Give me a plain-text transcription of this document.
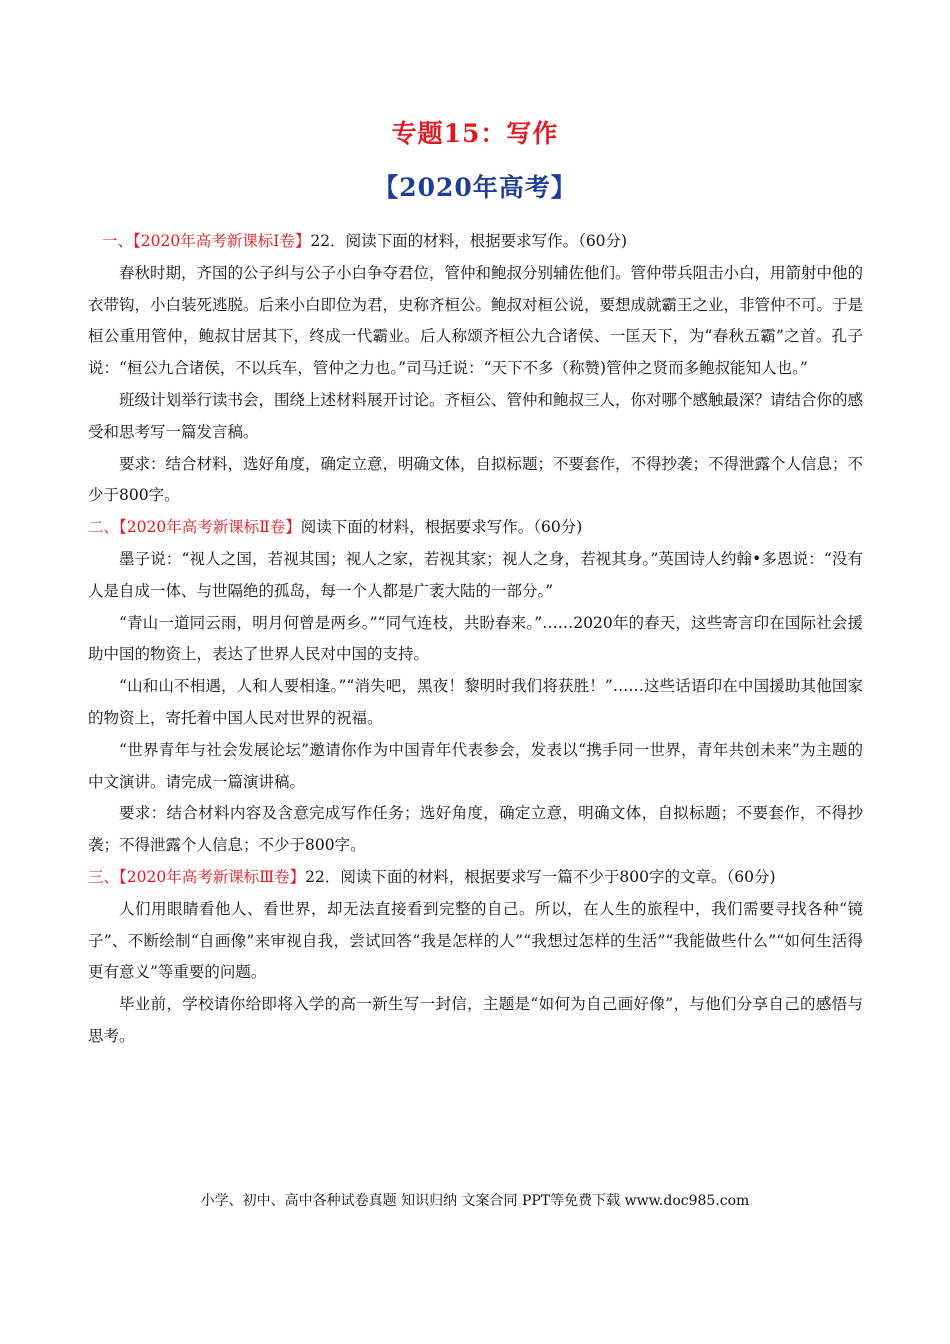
专题15：写作
【2020年高考】

一、【2020年高考新课标Ⅰ卷】22．阅读下面的材料，根据要求写作。（60分)

春秋时期，齐国的公子纠与公子小白争夺君位，管仲和鲍叔分别辅佐他们。管仲带兵阻击小白，用箭射中他的衣带钩，小白装死逃脱。后来小白即位为君，史称齐桓公。鲍叔对桓公说，要想成就霸王之业，非管仲不可。于是桓公重用管仲，鲍叔甘居其下，终成一代霸业。后人称颂齐桓公九合诸侯、一匡天下，为“春秋五霸”之首。孔子说：“桓公九合诸侯，不以兵车，管仲之力也。”司马迁说：“天下不多（称赞)管仲之贤而多鲍叔能知人也。”

班级计划举行读书会，围绕上述材料展开讨论。齐桓公、管仲和鲍叔三人，你对哪个感触最深？请结合你的感受和思考写一篇发言稿。

要求：结合材料，选好角度，确定立意，明确文体，自拟标题；不要套作，不得抄袭；不得泄露个人信息；不少于800字。

二、【2020年高考新课标Ⅱ卷】阅读下面的材料，根据要求写作。（60分)

墨子说：“视人之国，若视其国；视人之家，若视其家；视人之身，若视其身。”英国诗人约翰•多恩说：“没有人是自成一体、与世隔绝的孤岛，每一个人都是广袤大陆的一部分。”

“青山一道同云雨，明月何曾是两乡。”“同气连枝，共盼春来。”……2020年的春天，这些寄言印在国际社会援助中国的物资上，表达了世界人民对中国的支持。

“山和山不相遇，人和人要相逢。”“消失吧，黑夜！黎明时我们将获胜！”……这些话语印在中国援助其他国家的物资上，寄托着中国人民对世界的祝福。

“世界青年与社会发展论坛”邀请你作为中国青年代表参会，发表以“携手同一世界，青年共创未来”为主题的中文演讲。请完成一篇演讲稿。

要求：结合材料内容及含意完成写作任务；选好角度，确定立意，明确文体，自拟标题；不要套作，不得抄袭；不得泄露个人信息；不少于800字。

三、【2020年高考新课标Ⅲ卷】22．阅读下面的材料，根据要求写一篇不少于800字的文章。（60分)

人们用眼睛看他人、看世界，却无法直接看到完整的自己。所以，在人生的旅程中，我们需要寻找各种“镜子”、不断绘制“自画像”来审视自我，尝试回答“我是怎样的人”“我想过怎样的生活”“我能做些什么”“如何生活得更有意义”等重要的问题。

毕业前，学校请你给即将入学的高一新生写一封信，主题是“如何为自己画好像”，与他们分享自己的感悟与思考。

小学、初中、高中各种试卷真题 知识归纳 文案合同 PPT等免费下载 www.doc985.com
